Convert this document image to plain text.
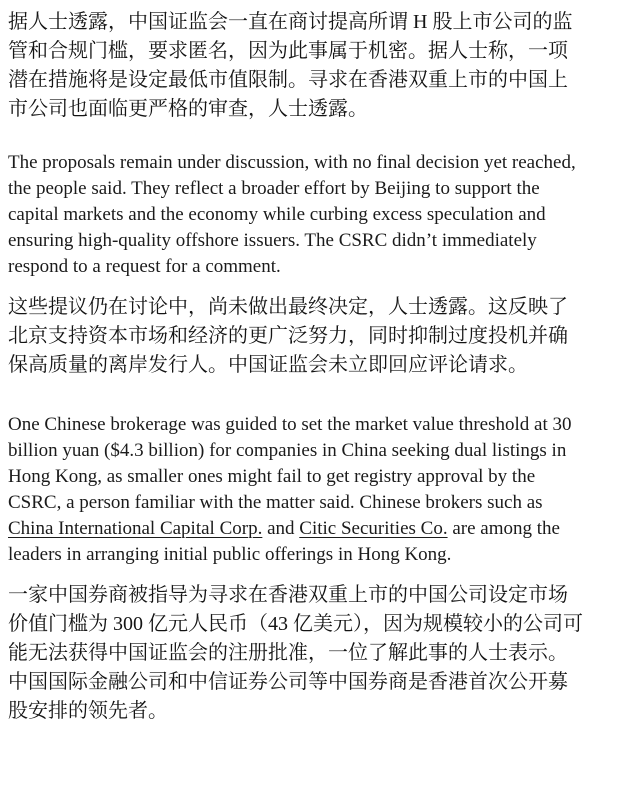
据人士透露，中国证监会一直在商讨提高所谓 H 股上市公司的监管和合规门槛，要求匿名，因为此事属于机密。据人士称，一项潜在措施将是设定最低市值限制。寻求在香港双重上市的中国上市公司也面临更严格的审查，人士透露。

The proposals remain under discussion, with no final decision yet reached, the people said. They reflect a broader effort by Beijing to support the capital markets and the economy while curbing excess speculation and ensuring high-quality offshore issuers. The CSRC didn’t immediately respond to a request for a comment.

这些提议仍在讨论中，尚未做出最终决定，人士透露。这反映了北京支持资本市场和经济的更广泛努力，同时抑制过度投机并确保高质量的离岸发行人。中国证监会未立即回应评论请求。

One Chinese brokerage was guided to set the market value threshold at 30 billion yuan ($4.3 billion) for companies in China seeking dual listings in Hong Kong, as smaller ones might fail to get registry approval by the CSRC, a person familiar with the matter said. Chinese brokers such as China International Capital Corp. and Citic Securities Co. are among the leaders in arranging initial public offerings in Hong Kong.

一家中国券商被指导为寻求在香港双重上市的中国公司设定市场价值门槛为 300 亿元人民币（43 亿美元），因为规模较小的公司可能无法获得中国证监会的注册批准，一位了解此事的人士表示。中国国际金融公司和中信证券公司等中国券商是香港首次公开募股安排的领先者。
